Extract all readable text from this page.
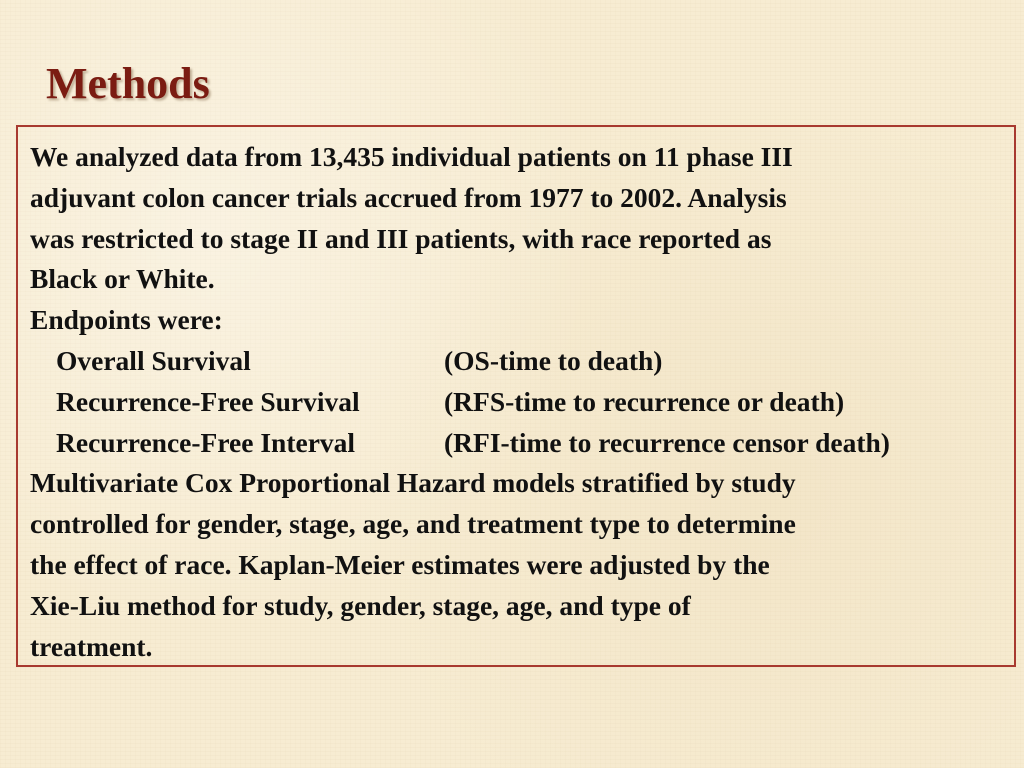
Methods
We analyzed data from 13,435 individual patients on 11 phase III
adjuvant colon cancer trials accrued from 1977 to 2002. Analysis
was restricted to stage II and III patients, with race reported as
Black or White.
Endpoints were:
Overall Survival	(OS-time to death)
Recurrence-Free Survival	(RFS-time to recurrence or death)
Recurrence-Free Interval	(RFI-time to recurrence censor death)
Multivariate Cox Proportional Hazard models stratified by study
controlled for gender, stage, age, and treatment type to determine
the effect of race. Kaplan-Meier estimates were adjusted by the
Xie-Liu method for study, gender, stage, age, and type of
treatment.
